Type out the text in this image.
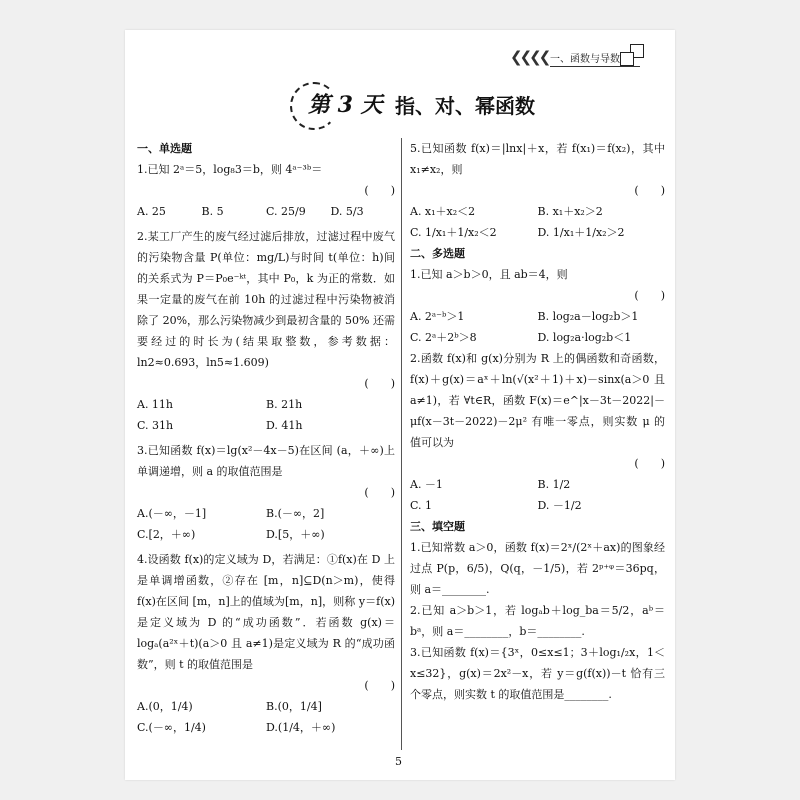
❮❮❮❮ 一、函数与导数
第 3 天 指、对、幂函数
一、单选题

1.已知 2ᵃ＝5，log₈3＝b，则 4ᵃ⁻³ᵇ＝

(　　)
A. 25	B. 5	C. 25/9	D. 5/3

2.某工厂产生的废气经过滤后排放，过滤过程中废气的污染物含量 P(单位：mg/L)与时间 t(单位：h)间的关系式为 P＝P₀e⁻ᵏᵗ，其中 P₀，k 为正的常数．如果一定量的废气在前 10h 的过滤过程中污染物被消除了 20%，那么污染物减少到最初含量的 50% 还需要经过的时长为(结果取整数，参考数据：ln2≈0.693，ln5≈1.609)

(　　)
A. 11h	B. 21h
C. 31h	D. 41h

3.已知函数 f(x)＝lg(x²－4x－5)在区间 (a，＋∞)上单调递增，则 a 的取值范围是

(　　)
A.(－∞，－1]	B.(－∞，2]
C.[2，＋∞)	D.[5，＋∞)

4.设函数 f(x)的定义域为 D，若满足：①f(x)在 D 上是单调增函数，②存在 [m，n]⊆D(n＞m)，使得 f(x)在区间 [m，n]上的值域为[m，n]，则称 y＝f(x)是定义域为 D 的“成功函数”．若函数 g(x)＝logₐ(a²ˣ＋t)(a＞0 且 a≠1)是定义域为 R 的“成功函数”，则 t 的取值范围是

(　　)
A.(0，1/4)	B.(0，1/4]
C.(－∞，1/4)	D.(1/4，＋∞)

5.已知函数 f(x)＝|lnx|＋x，若 f(x₁)＝f(x₂)，其中 x₁≠x₂，则

(　　)
A. x₁＋x₂＜2	B. x₁＋x₂＞2
C. 1/x₁＋1/x₂＜2	D. 1/x₁＋1/x₂＞2
二、多选题

1.已知 a＞b＞0，且 ab＝4，则

(　　)
A. 2ᵃ⁻ᵇ＞1	B. log₂a－log₂b＞1
C. 2ᵃ＋2ᵇ＞8	D. log₂a·log₂b＜1

2.函数 f(x)和 g(x)分别为 R 上的偶函数和奇函数，f(x)＋g(x)＝aˣ＋ln(√(x²＋1)＋x)－sinx(a＞0 且 a≠1)，若 ∀t∈R，函数 F(x)＝e^|x－3t－2022|－μf(x－3t－2022)－2μ² 有唯一零点，则实数 μ 的值可以为

(　　)
A. －1	B. 1/2
C. 1	D. －1/2
三、填空题

1.已知常数 a＞0，函数 f(x)＝2ˣ/(2ˣ＋ax)的图象经过点 P(p，6/5)，Q(q，－1/5)，若 2ᵖ⁺ᵠ＝36pq，则 a＝________.

2.已知 a＞b＞1，若 logₐb＋log_ba＝5/2，aᵇ＝bᵃ，则 a＝________，b＝________.

3.已知函数 f(x)＝{3ˣ，0≤x≤1；3＋log₁/₂x，1＜x≤32}，g(x)＝2x²－x，若 y＝g(f(x))－t 恰有三个零点，则实数 t 的取值范围是________.

5
